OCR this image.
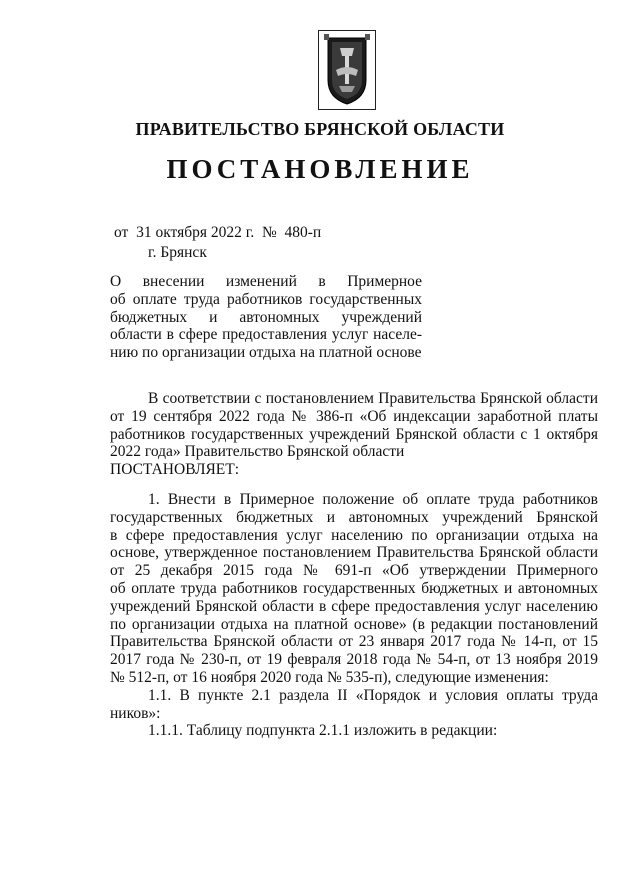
ПРАВИТЕЛЬСТВО БРЯНСКОЙ ОБЛАСТИ
ПОСТАНОВЛЕНИЕ
от  31 октября 2022 г.  №  480-п
г. Брянск
О внесении изменений в Примерное
об оплате труда работников государственных
бюджетных и автономных учреждений
области в сфере предоставления услуг населе-
нию по организации отдыха на платной основе
В соответствии с постановлением Правительства Брянской области
от 19 сентября 2022 года № 386-п «Об индексации заработной платы
работников государственных учреждений Брянской области с 1 октября
2022 года» Правительство Брянской области
ПОСТАНОВЛЯЕТ:
1. Внести в Примерное положение об оплате труда работников
государственных бюджетных и автономных учреждений Брянской
в сфере предоставления услуг населению по организации отдыха на
основе, утвержденное постановлением Правительства Брянской области
от 25 декабря 2015 года № 691-п «Об утверждении Примерного
об оплате труда работников государственных бюджетных и автономных
учреждений Брянской области в сфере предоставления услуг населению
по организации отдыха на платной основе» (в редакции постановлений
Правительства Брянской области от 23 января 2017 года № 14-п, от 15
2017 года № 230-п, от 19 февраля 2018 года № 54-п, от 13 ноября 2019
№ 512-п, от 16 ноября 2020 года № 535-п), следующие изменения:
1.1. В пункте 2.1 раздела II «Порядок и условия оплаты труда
ников»:
1.1.1. Таблицу подпункта 2.1.1 изложить в редакции:
